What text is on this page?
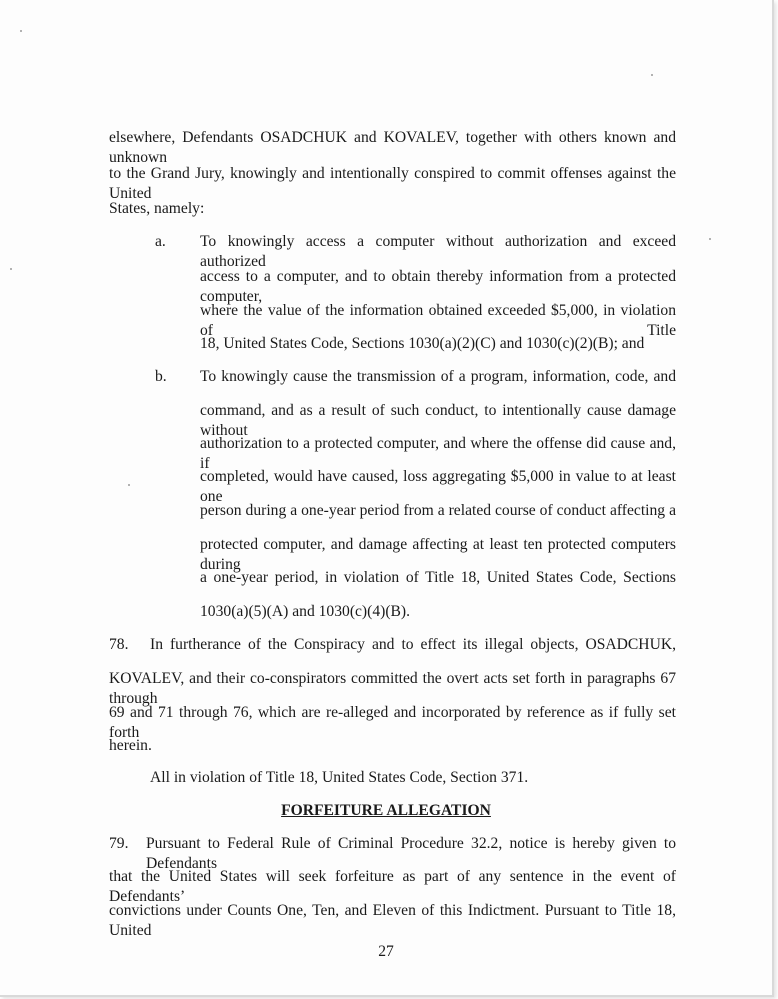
elsewhere, Defendants OSADCHUK and KOVALEV, together with others known and unknown
to the Grand Jury, knowingly and intentionally conspired to commit offenses against the United
States, namely:
a. To knowingly access a computer without authorization and exceed authorized
access to a computer, and to obtain thereby information from a protected computer,
where the value of the information obtained exceeded $5,000, in violation of Title
18, United States Code, Sections 1030(a)(2)(C) and 1030(c)(2)(B); and
b. To knowingly cause the transmission of a program, information, code, and
command, and as a result of such conduct, to intentionally cause damage without
authorization to a protected computer, and where the offense did cause and, if
completed, would have caused, loss aggregating $5,000 in value to at least one
person during a one-year period from a related course of conduct affecting a
protected computer, and damage affecting at least ten protected computers during
a one-year period, in violation of Title 18, United States Code, Sections
1030(a)(5)(A) and 1030(c)(4)(B).
78. In furtherance of the Conspiracy and to effect its illegal objects, OSADCHUK,
KOVALEV, and their co-conspirators committed the overt acts set forth in paragraphs 67 through
69 and 71 through 76, which are re-alleged and incorporated by reference as if fully set forth
herein.
All in violation of Title 18, United States Code, Section 371.
FORFEITURE ALLEGATION
79. Pursuant to Federal Rule of Criminal Procedure 32.2, notice is hereby given to Defendants
that the United States will seek forfeiture as part of any sentence in the event of Defendants’
convictions under Counts One, Ten, and Eleven of this Indictment. Pursuant to Title 18, United
27
